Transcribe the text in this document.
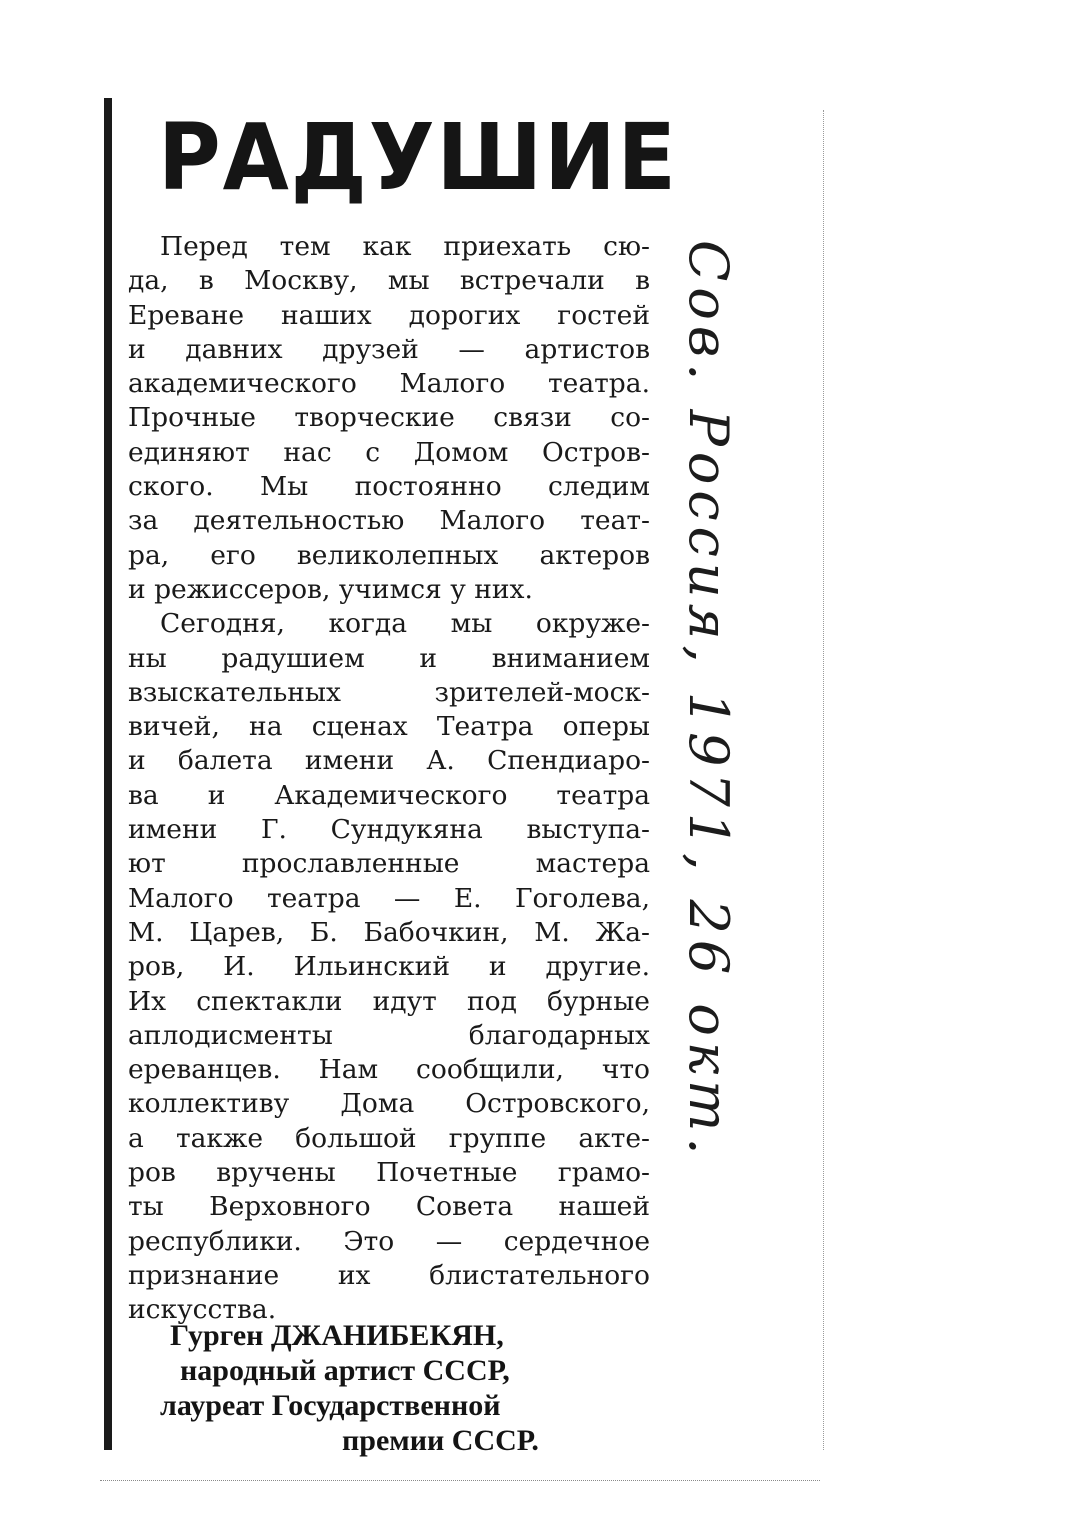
РАДУШИЕ

Перед тем как приехать сю-
да, в Москву, мы встречали в
Ереване наших дорогих гостей
и давних друзей — артистов
академического Малого театра.
Прочные творческие связи со-
единяют нас с Домом Остров-
ского. Мы постоянно следим
за деятельностью Малого теат-
ра, его великолепных актеров
и режиссеров, учимся у них.

Сегодня, когда мы окруже-
ны радушием и вниманием
взыскательных зрителей-моск-
вичей, на сценах Театра оперы
и балета имени А. Спендиаро-
ва и Академического театра
имени Г. Сундукяна выступа-
ют прославленные мастера
Малого театра — Е. Гоголева,
М. Царев, Б. Бабочкин, М. Жа-
ров, И. Ильинский и другие.
Их спектакли идут под бурные
аплодисменты благодарных
ереванцев. Нам сообщили, что
коллективу Дома Островского,
а также большой группе акте-
ров вручены Почетные грамо-
ты Верховного Совета нашей
республики. Это — сердечное
признание их блистательного
искусства.

Гурген ДЖАНИБЕКЯН,
народный артист СССР,
лауреат Государственной
премии СССР.
Сов. Россия, 1971, 26 окт.
